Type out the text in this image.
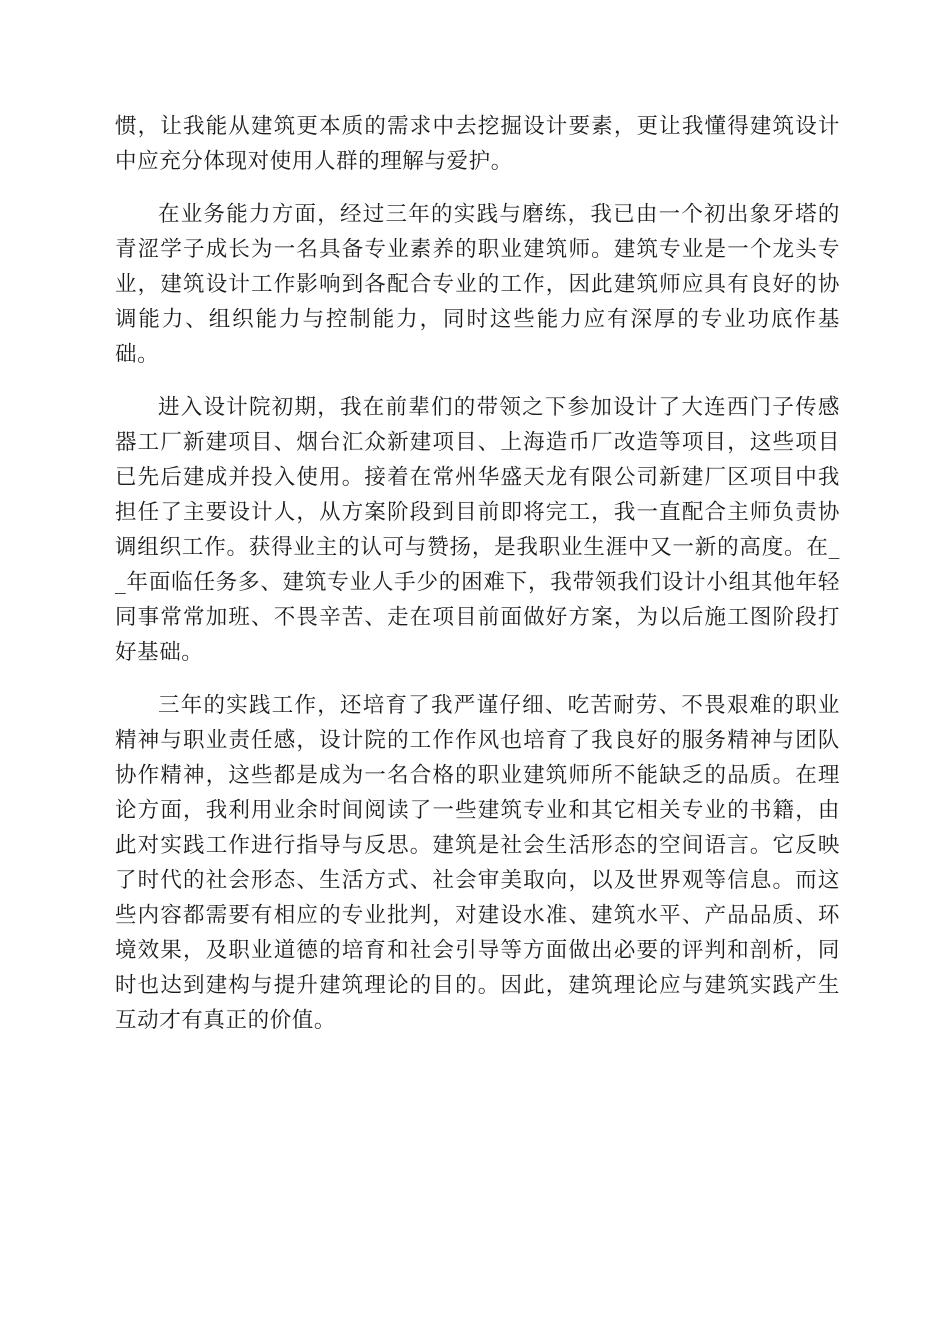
惯，让我能从建筑更本质的需求中去挖掘设计要素，更让我懂得建筑设计中应充分体现对使用人群的理解与爱护。

在业务能力方面，经过三年的实践与磨练，我已由一个初出象牙塔的青涩学子成长为一名具备专业素养的职业建筑师。建筑专业是一个龙头专业，建筑设计工作影响到各配合专业的工作，因此建筑师应具有良好的协调能力、组织能力与控制能力，同时这些能力应有深厚的专业功底作基础。

进入设计院初期，我在前辈们的带领之下参加设计了大连西门子传感器工厂新建项目、烟台汇众新建项目、上海造币厂改造等项目，这些项目已先后建成并投入使用。接着在常州华盛天龙有限公司新建厂区项目中我担任了主要设计人，从方案阶段到目前即将完工，我一直配合主师负责协调组织工作。获得业主的认可与赞扬，是我职业生涯中又一新的高度。在__年面临任务多、建筑专业人手少的困难下，我带领我们设计小组其他年轻同事常常加班、不畏辛苦、走在项目前面做好方案，为以后施工图阶段打好基础。

三年的实践工作，还培育了我严谨仔细、吃苦耐劳、不畏艰难的职业精神与职业责任感，设计院的工作作风也培育了我良好的服务精神与团队协作精神，这些都是成为一名合格的职业建筑师所不能缺乏的品质。在理论方面，我利用业余时间阅读了一些建筑专业和其它相关专业的书籍，由此对实践工作进行指导与反思。建筑是社会生活形态的空间语言。它反映了时代的社会形态、生活方式、社会审美取向，以及世界观等信息。而这些内容都需要有相应的专业批判，对建设水准、建筑水平、产品品质、环境效果，及职业道德的培育和社会引导等方面做出必要的评判和剖析，同时也达到建构与提升建筑理论的目的。因此，建筑理论应与建筑实践产生互动才有真正的价值。
